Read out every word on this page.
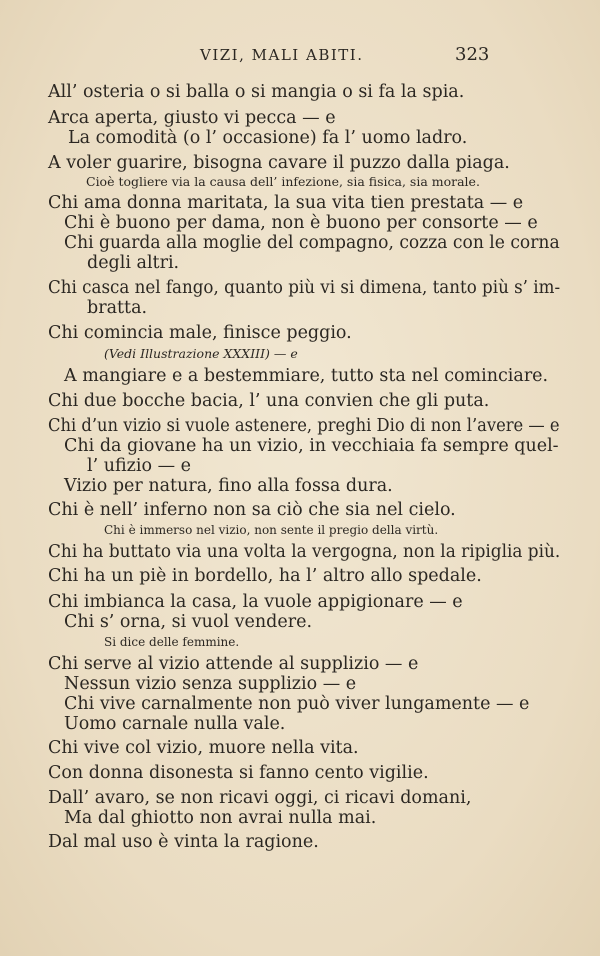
VIZI, MALI ABITI.	323
All’ osteria o si balla o si mangia o si fa la spia.
Arca aperta, giusto vi pecca — e
La comodità (o l’ occasione) fa l’ uomo ladro.
A voler guarire, bisogna cavare il puzzo dalla piaga.
Cioè togliere via la causa dell’ infezione, sia fisica, sia morale.
Chi ama donna maritata, la sua vita tien prestata — e
Chi è buono per dama, non è buono per consorte — e
Chi guarda alla moglie del compagno, cozza con le corna
degli altri.
Chi casca nel fango, quanto più vi si dimena, tanto più s’ im-
bratta.
Chi comincia male, finisce peggio.
(Vedi Illustrazione XXXIII) — e
A mangiare e a bestemmiare, tutto sta nel cominciare.
Chi due bocche bacia, l’ una convien che gli puta.
Chi d’un vizio si vuole astenere, preghi Dio di non l’avere — e
Chi da giovane ha un vizio, in vecchiaia fa sempre quel-
l’ ufizio — e
Vizio per natura, fino alla fossa dura.
Chi è nell’ inferno non sa ciò che sia nel cielo.
Chi è immerso nel vizio, non sente il pregio della virtù.
Chi ha buttato via una volta la vergogna, non la ripiglia più.
Chi ha un piè in bordello, ha l’ altro allo spedale.
Chi imbianca la casa, la vuole appigionare — e
Chi s’ orna, si vuol vendere.
Si dice delle femmine.
Chi serve al vizio attende al supplizio — e
Nessun vizio senza supplizio — e
Chi vive carnalmente non può viver lungamente — e
Uomo carnale nulla vale.
Chi vive col vizio, muore nella vita.
Con donna disonesta si fanno cento vigilie.
Dall’ avaro, se non ricavi oggi, ci ricavi domani,
Ma dal ghiotto non avrai nulla mai.
Dal mal uso è vinta la ragione.
